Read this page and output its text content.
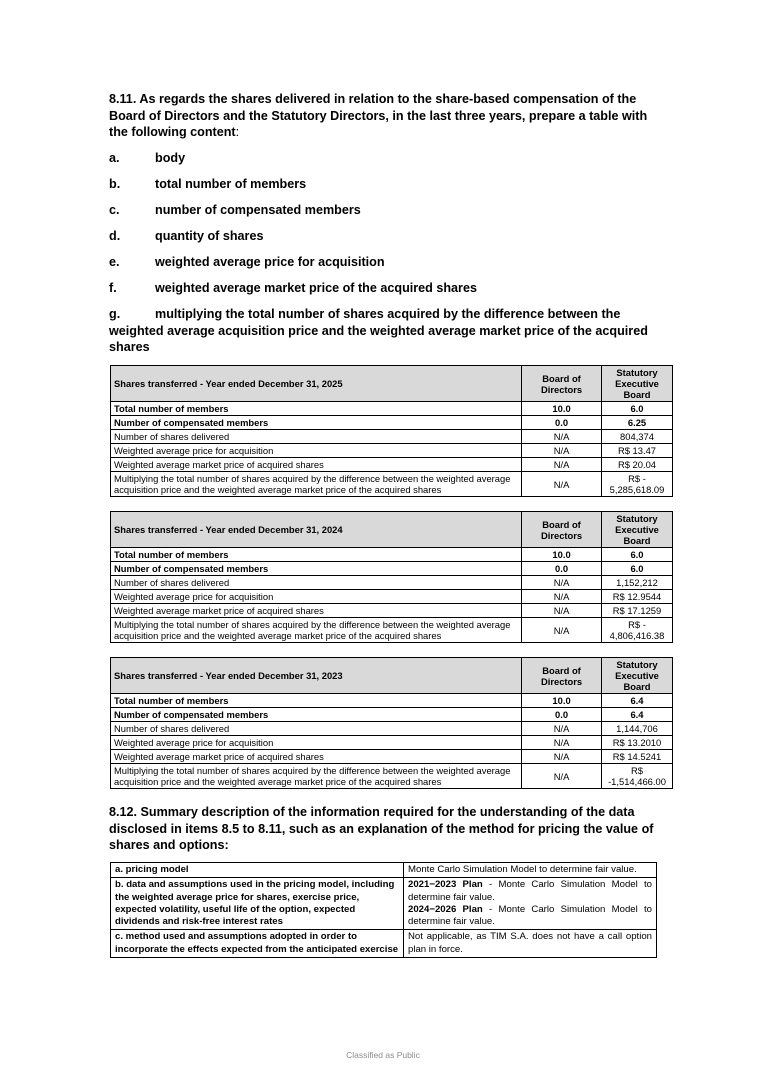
8.11. As regards the shares delivered in relation to the share-based compensation of the Board of Directors and the Statutory Directors, in the last three years, prepare a table with the following content:
a.	body
b.	total number of members
c.	number of compensated members
d.	quantity of shares
e.	weighted average price for acquisition
f.	weighted average market price of the acquired shares
g.	multiplying the total number of shares acquired by the difference between the weighted average acquisition price and the weighted average market price of the acquired shares
Shares transferred - Year ended December 31, 2025	Board of Directors	Statutory Executive Board
Total number of members	10.0	6.0
Number of compensated members	0.0	6.25
Number of shares delivered	N/A	804,374
Weighted average price for acquisition	N/A	R$ 13.47
Weighted average market price of acquired shares	N/A	R$ 20.04
Multiplying the total number of shares acquired by the difference between the weighted average acquisition price and the weighted average market price of the acquired shares	N/A	R$ - 5,285,618.09
Shares transferred - Year ended December 31, 2024	Board of Directors	Statutory Executive Board
Total number of members	10.0	6.0
Number of compensated members	0.0	6.0
Number of shares delivered	N/A	1,152,212
Weighted average price for acquisition	N/A	R$ 12.9544
Weighted average market price of acquired shares	N/A	R$ 17.1259
Multiplying the total number of shares acquired by the difference between the weighted average acquisition price and the weighted average market price of the acquired shares	N/A	R$ - 4,806,416.38
Shares transferred - Year ended December 31, 2023	Board of Directors	Statutory Executive Board
Total number of members	10.0	6.4
Number of compensated members	0.0	6.4
Number of shares delivered	N/A	1,144,706
Weighted average price for acquisition	N/A	R$ 13.2010
Weighted average market price of acquired shares	N/A	R$ 14.5241
Multiplying the total number of shares acquired by the difference between the weighted average acquisition price and the weighted average market price of the acquired shares	N/A	R$ -1,514,466.00
8.12. Summary description of the information required for the understanding of the data disclosed in items 8.5 to 8.11, such as an explanation of the method for pricing the value of shares and options:
a. pricing model	Monte Carlo Simulation Model to determine fair value.
b. data and assumptions used in the pricing model, including the weighted average price for shares, exercise price, expected volatility, useful life of the option, expected dividends and risk-free interest rates	2021−2023 Plan - Monte Carlo Simulation Model to determine fair value.
2024−2026 Plan - Monte Carlo Simulation Model to determine fair value.

c. method used and assumptions adopted in order to incorporate the effects expected from the anticipated exercise	Not applicable, as TIM S.A. does not have a call option plan in force.
Classified as Public
